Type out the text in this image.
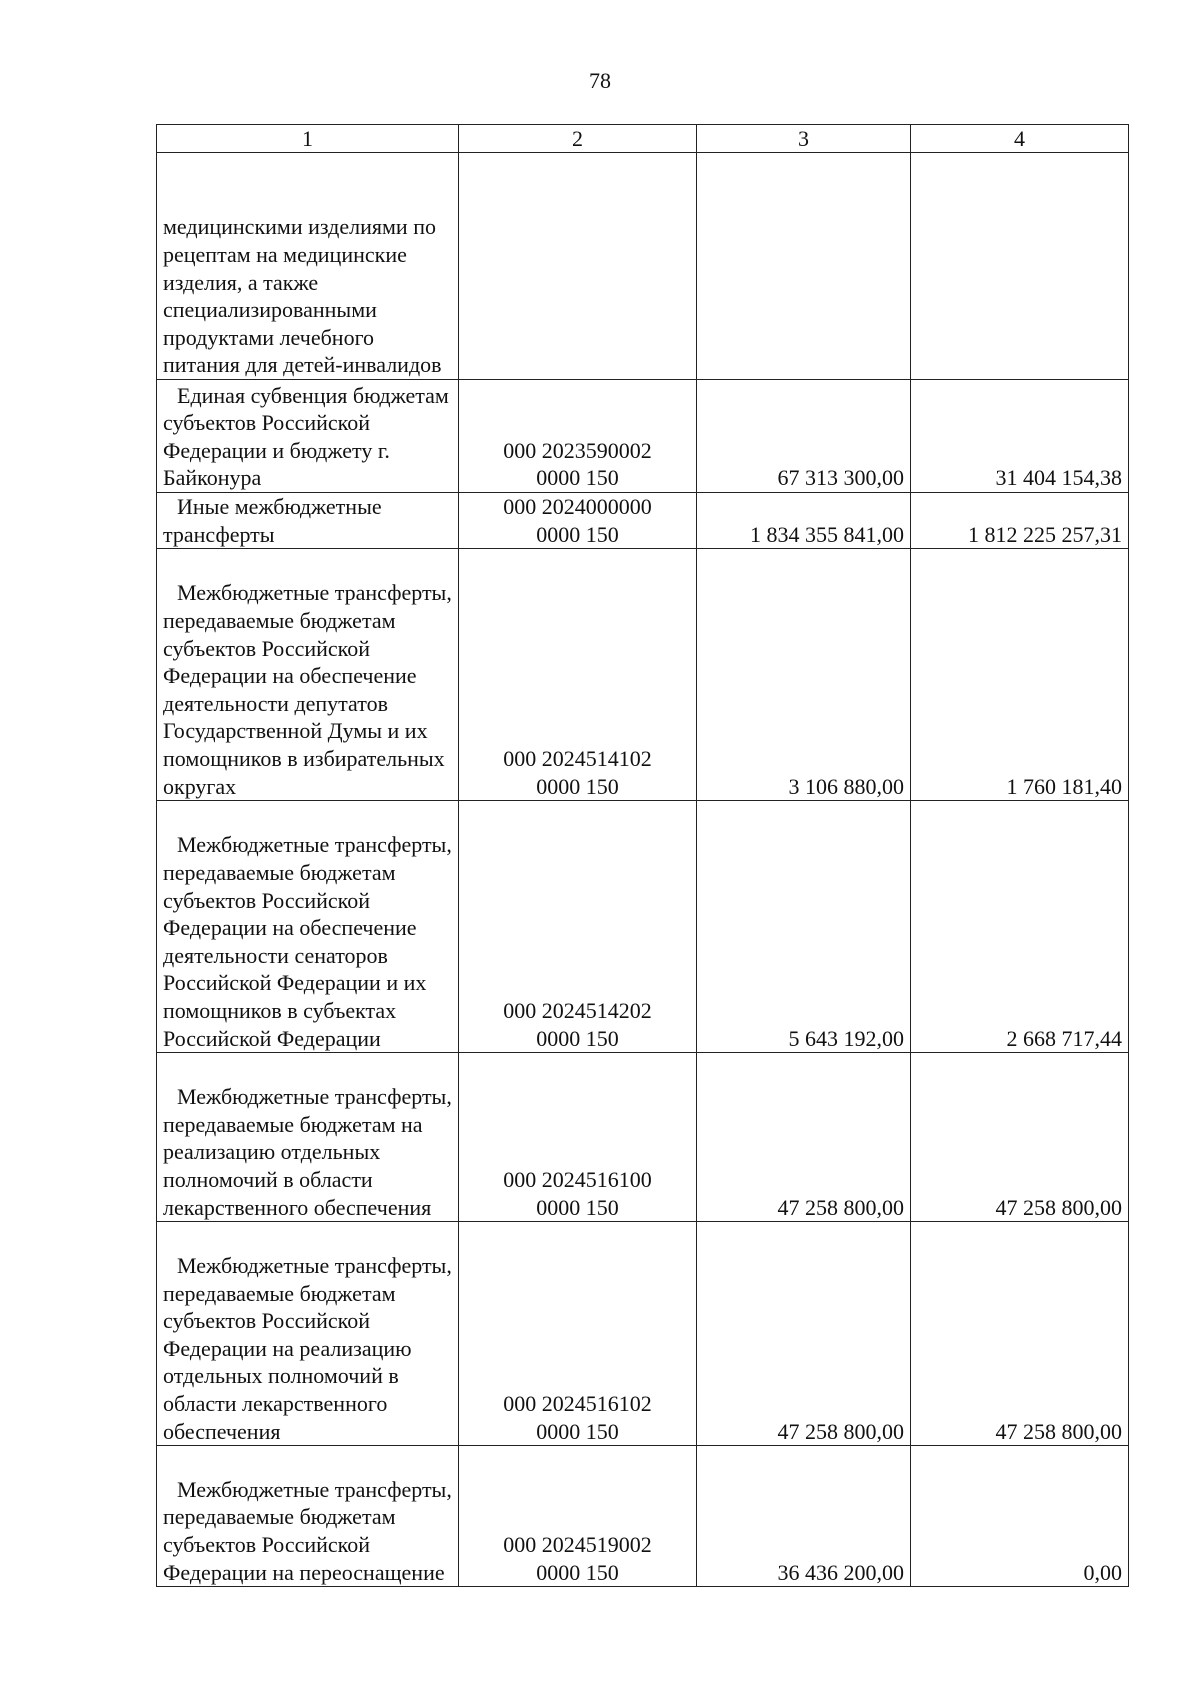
78
1	2	3	4

медицинскими изделиями по рецептам на медицинские изделия, а также специализированными продуктами лечебного питания для детей-инвалидов			

Единая субвенция бюджетам субъектов Российской Федерации и бюджету г. Байконура	000 2023590002
0000 150	67 313 300,00	31 404 154,38

Иные межбюджетные трансферты	000 2024000000
0000 150	1 834 355 841,00	1 812 225 257,31

Межбюджетные трансферты, передаваемые бюджетам субъектов Российской Федерации на обеспечение деятельности депутатов Государственной Думы и их помощников в избирательных округах	000 2024514102
0000 150	3 106 880,00	1 760 181,40

Межбюджетные трансферты, передаваемые бюджетам субъектов Российской Федерации на обеспечение деятельности сенаторов Российской Федерации и их помощников в субъектах Российской Федерации	000 2024514202
0000 150	5 643 192,00	2 668 717,44

Межбюджетные трансферты, передаваемые бюджетам на реализацию отдельных полномочий в области лекарственного обеспечения	000 2024516100
0000 150	47 258 800,00	47 258 800,00

Межбюджетные трансферты, передаваемые бюджетам субъектов Российской Федерации на реализацию отдельных полномочий в области лекарственного обеспечения	000 2024516102
0000 150	47 258 800,00	47 258 800,00

Межбюджетные трансферты, передаваемые бюджетам субъектов Российской Федерации на переоснащение	000 2024519002
0000 150	36 436 200,00	0,00
